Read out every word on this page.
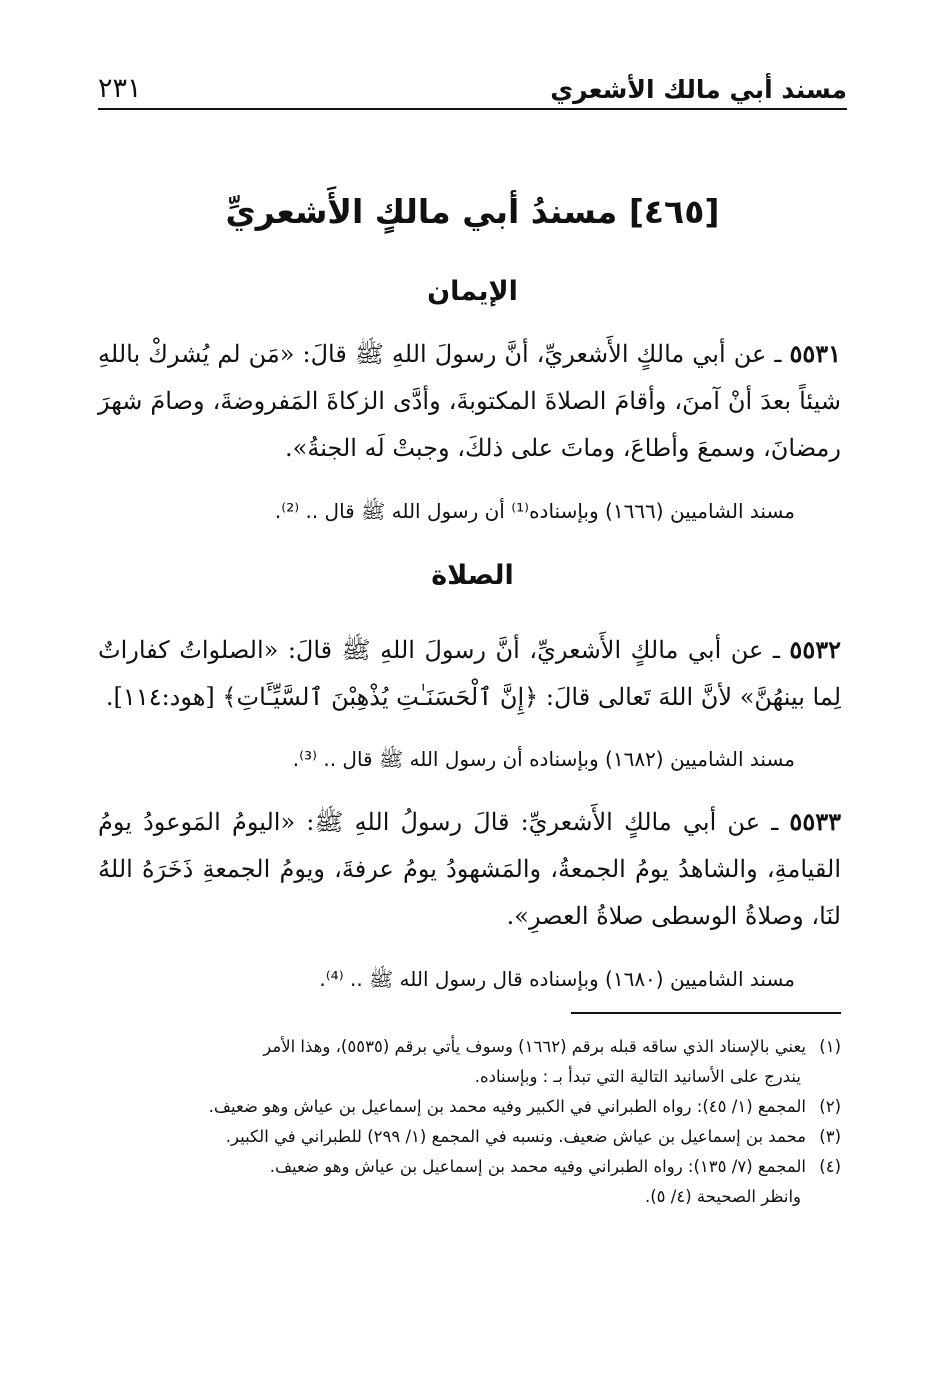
مسند أبي مالك الأشعري
٢٣١
[٤٦٥] مسندُ أبي مالكٍ الأَشعريِّ
الإيمان
٥٥٣١ ـ عن أبي مالكٍ الأَشعريِّ، أنَّ رسولَ اللهِ ﷺ قالَ: «مَن لم يُشركْ باللهِ شيئاً بعدَ أنْ آمنَ، وأقامَ الصلاةَ المكتوبةَ، وأدَّى الزكاةَ المَفروضةَ، وصامَ شهرَ رمضانَ، وسمعَ وأطاعَ، وماتَ على ذلكَ، وجبتْ لَه الجنةُ».
مسند الشاميين (١٦٦٦) وبإسناده⁽¹⁾ أن رسول الله ﷺ قال .. ⁽²⁾.
الصلاة
٥٥٣٢ ـ عن أبي مالكٍ الأَشعريِّ، أنَّ رسولَ اللهِ ﷺ قالَ: «الصلواتُ كفاراتٌ لِما بينهُنَّ» لأنَّ اللهَ تَعالى قالَ: ﴿إِنَّ ٱلْحَسَنَـٰتِ يُذْهِبْنَ ٱلسَّيِّـَٔاتِ﴾ [هود:١١٤].
مسند الشاميين (١٦٨٢) وبإسناده أن رسول الله ﷺ قال .. ⁽³⁾.
٥٥٣٣ ـ عن أبي مالكٍ الأَشعريِّ: قالَ رسولُ اللهِ ﷺ: «اليومُ المَوعودُ يومُ القيامةِ، والشاهدُ يومُ الجمعةُ، والمَشهودُ يومُ عرفةَ، ويومُ الجمعةِ ذَخَرَهُ اللهُ لنَا، وصلاةُ الوسطى صلاةُ العصرِ».
مسند الشاميين (١٦٨٠) وبإسناده قال رسول الله ﷺ .. ⁽⁴⁾.

(١) يعني بالإسناد الذي ساقه قبله برقم (١٦٦٢) وسوف يأتي برقم (٥٥٣٥)، وهذا الأمر
يندرج على الأسانيد التالية التي تبدأ بـ : وبإسناده.

(٢) المجمع (١/ ٤٥): رواه الطبراني في الكبير وفيه محمد بن إسماعيل بن عياش وهو ضعيف.

(٣) محمد بن إسماعيل بن عياش ضعيف. ونسبه في المجمع (١/ ٢٩٩) للطبراني في الكبير.

(٤) المجمع (٧/ ١٣٥): رواه الطبراني وفيه محمد بن إسماعيل بن عياش وهو ضعيف.
وانظر الصحيحة (٤/ ٥).
